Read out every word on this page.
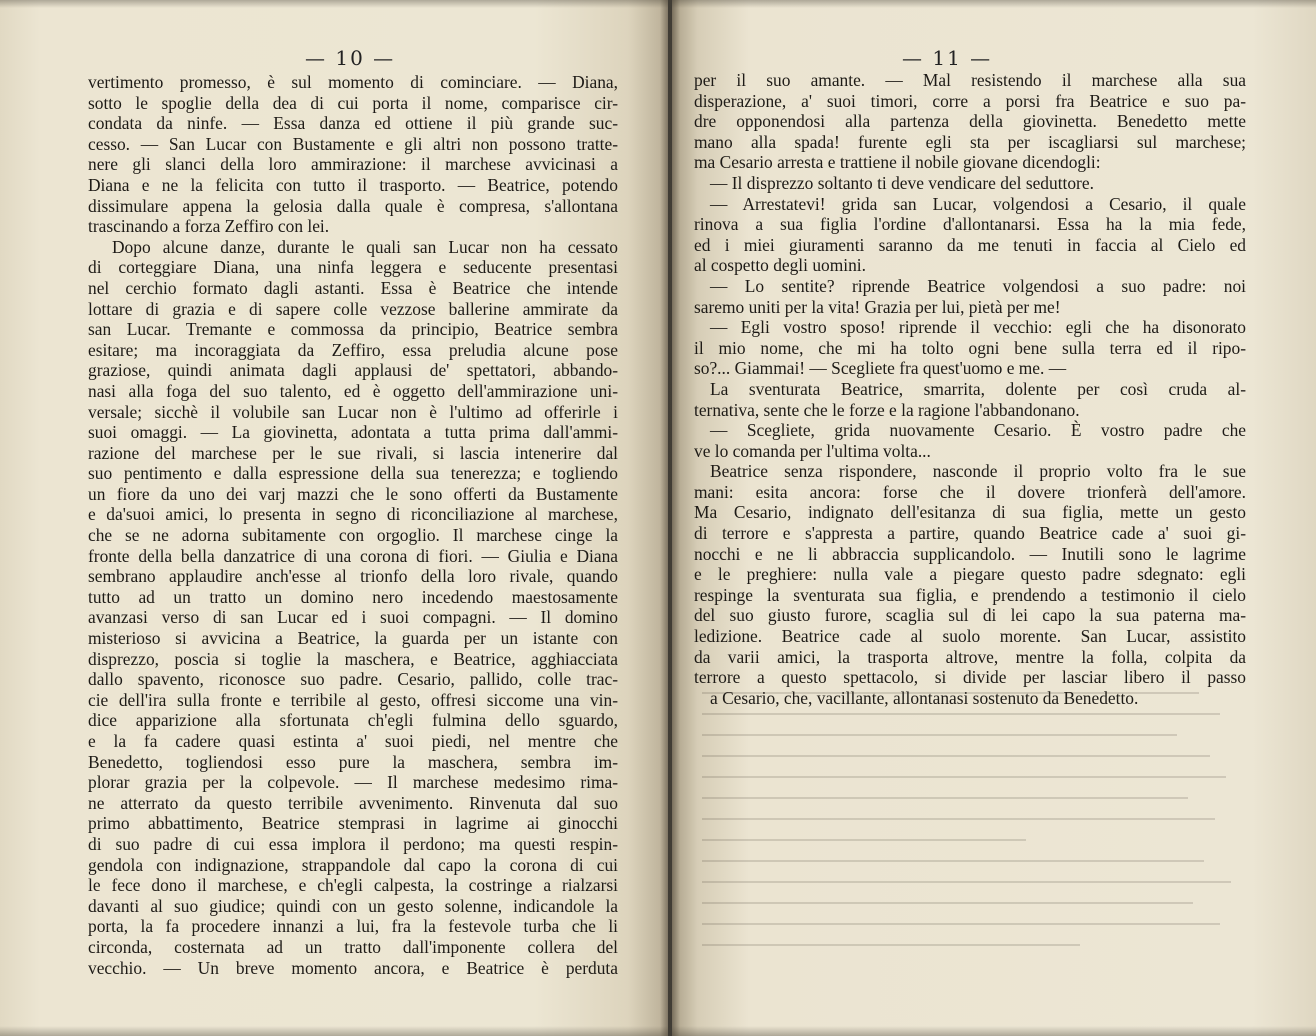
— 10 —
vertimento promesso, è sul momento di cominciare. — Diana,
sotto le spoglie della dea di cui porta il nome, comparisce cir-
condata da ninfe. — Essa danza ed ottiene il più grande suc-
cesso. — San Lucar con Bustamente e gli altri non possono tratte-
nere gli slanci della loro ammirazione: il marchese avvicinasi a
Diana e ne la felicita con tutto il trasporto. — Beatrice, potendo
dissimulare appena la gelosia dalla quale è compresa, s'allontana
trascinando a forza Zeffiro con lei.
Dopo alcune danze, durante le quali san Lucar non ha cessato
di corteggiare Diana, una ninfa leggera e seducente presentasi
nel cerchio formato dagli astanti. Essa è Beatrice che intende
lottare di grazia e di sapere colle vezzose ballerine ammirate da
san Lucar. Tremante e commossa da principio, Beatrice sembra
esitare; ma incoraggiata da Zeffiro, essa preludia alcune pose
graziose, quindi animata dagli applausi de' spettatori, abbando-
nasi alla foga del suo talento, ed è oggetto dell'ammirazione uni-
versale; sicchè il volubile san Lucar non è l'ultimo ad offerirle i
suoi omaggi. — La giovinetta, adontata a tutta prima dall'ammi-
razione del marchese per le sue rivali, si lascia intenerire dal
suo pentimento e dalla espressione della sua tenerezza; e togliendo
un fiore da uno dei varj mazzi che le sono offerti da Bustamente
e da'suoi amici, lo presenta in segno di riconciliazione al marchese,
che se ne adorna subitamente con orgoglio. Il marchese cinge la
fronte della bella danzatrice di una corona di fiori. — Giulia e Diana
sembrano applaudire anch'esse al trionfo della loro rivale, quando
tutto ad un tratto un domino nero incedendo maestosamente
avanzasi verso di san Lucar ed i suoi compagni. — Il domino
misterioso si avvicina a Beatrice, la guarda per un istante con
disprezzo, poscia si toglie la maschera, e Beatrice, agghiacciata
dallo spavento, riconosce suo padre. Cesario, pallido, colle trac-
cie dell'ira sulla fronte e terribile al gesto, offresi siccome una vin-
dice apparizione alla sfortunata ch'egli fulmina dello sguardo,
e la fa cadere quasi estinta a' suoi piedi, nel mentre che
Benedetto, togliendosi esso pure la maschera, sembra im-
plorar grazia per la colpevole. — Il marchese medesimo rima-
ne atterrato da questo terribile avvenimento. Rinvenuta dal suo
primo abbattimento, Beatrice stemprasi in lagrime ai ginocchi
di suo padre di cui essa implora il perdono; ma questi respin-
gendola con indignazione, strappandole dal capo la corona di cui
le fece dono il marchese, e ch'egli calpesta, la costringe a rialzarsi
davanti al suo giudice; quindi con un gesto solenne, indicandole la
porta, la fa procedere innanzi a lui, fra la festevole turba che li
circonda, costernata ad un tratto dall'imponente collera del
vecchio. — Un breve momento ancora, e Beatrice è perduta
— 11 —
per il suo amante. — Mal resistendo il marchese alla sua
disperazione, a' suoi timori, corre a porsi fra Beatrice e suo pa-
dre opponendosi alla partenza della giovinetta. Benedetto mette
mano alla spada! furente egli sta per iscagliarsi sul marchese;
ma Cesario arresta e trattiene il nobile giovane dicendogli:
— Il disprezzo soltanto ti deve vendicare del seduttore.
— Arrestatevi! grida san Lucar, volgendosi a Cesario, il quale
rinova a sua figlia l'ordine d'allontanarsi. Essa ha la mia fede,
ed i miei giuramenti saranno da me tenuti in faccia al Cielo ed
al cospetto degli uomini.
— Lo sentite? riprende Beatrice volgendosi a suo padre: noi
saremo uniti per la vita! Grazia per lui, pietà per me!
— Egli vostro sposo! riprende il vecchio: egli che ha disonorato
il mio nome, che mi ha tolto ogni bene sulla terra ed il ripo-
so?... Giammai! — Scegliete fra quest'uomo e me. —
La sventurata Beatrice, smarrita, dolente per così cruda al-
ternativa, sente che le forze e la ragione l'abbandonano.
— Scegliete, grida nuovamente Cesario. È vostro padre che
ve lo comanda per l'ultima volta...
Beatrice senza rispondere, nasconde il proprio volto fra le sue
mani: esita ancora: forse che il dovere trionferà dell'amore.
Ma Cesario, indignato dell'esitanza di sua figlia, mette un gesto
di terrore e s'appresta a partire, quando Beatrice cade a' suoi gi-
nocchi e ne li abbraccia supplicandolo. — Inutili sono le lagrime
e le preghiere: nulla vale a piegare questo padre sdegnato: egli
respinge la sventurata sua figlia, e prendendo a testimonio il cielo
del suo giusto furore, scaglia sul di lei capo la sua paterna ma-
ledizione. Beatrice cade al suolo morente. San Lucar, assistito
da varii amici, la trasporta altrove, mentre la folla, colpita da
terrore a questo spettacolo, si divide per lasciar libero il passo
a Cesario, che, vacillante, allontanasi sostenuto da Benedetto.
